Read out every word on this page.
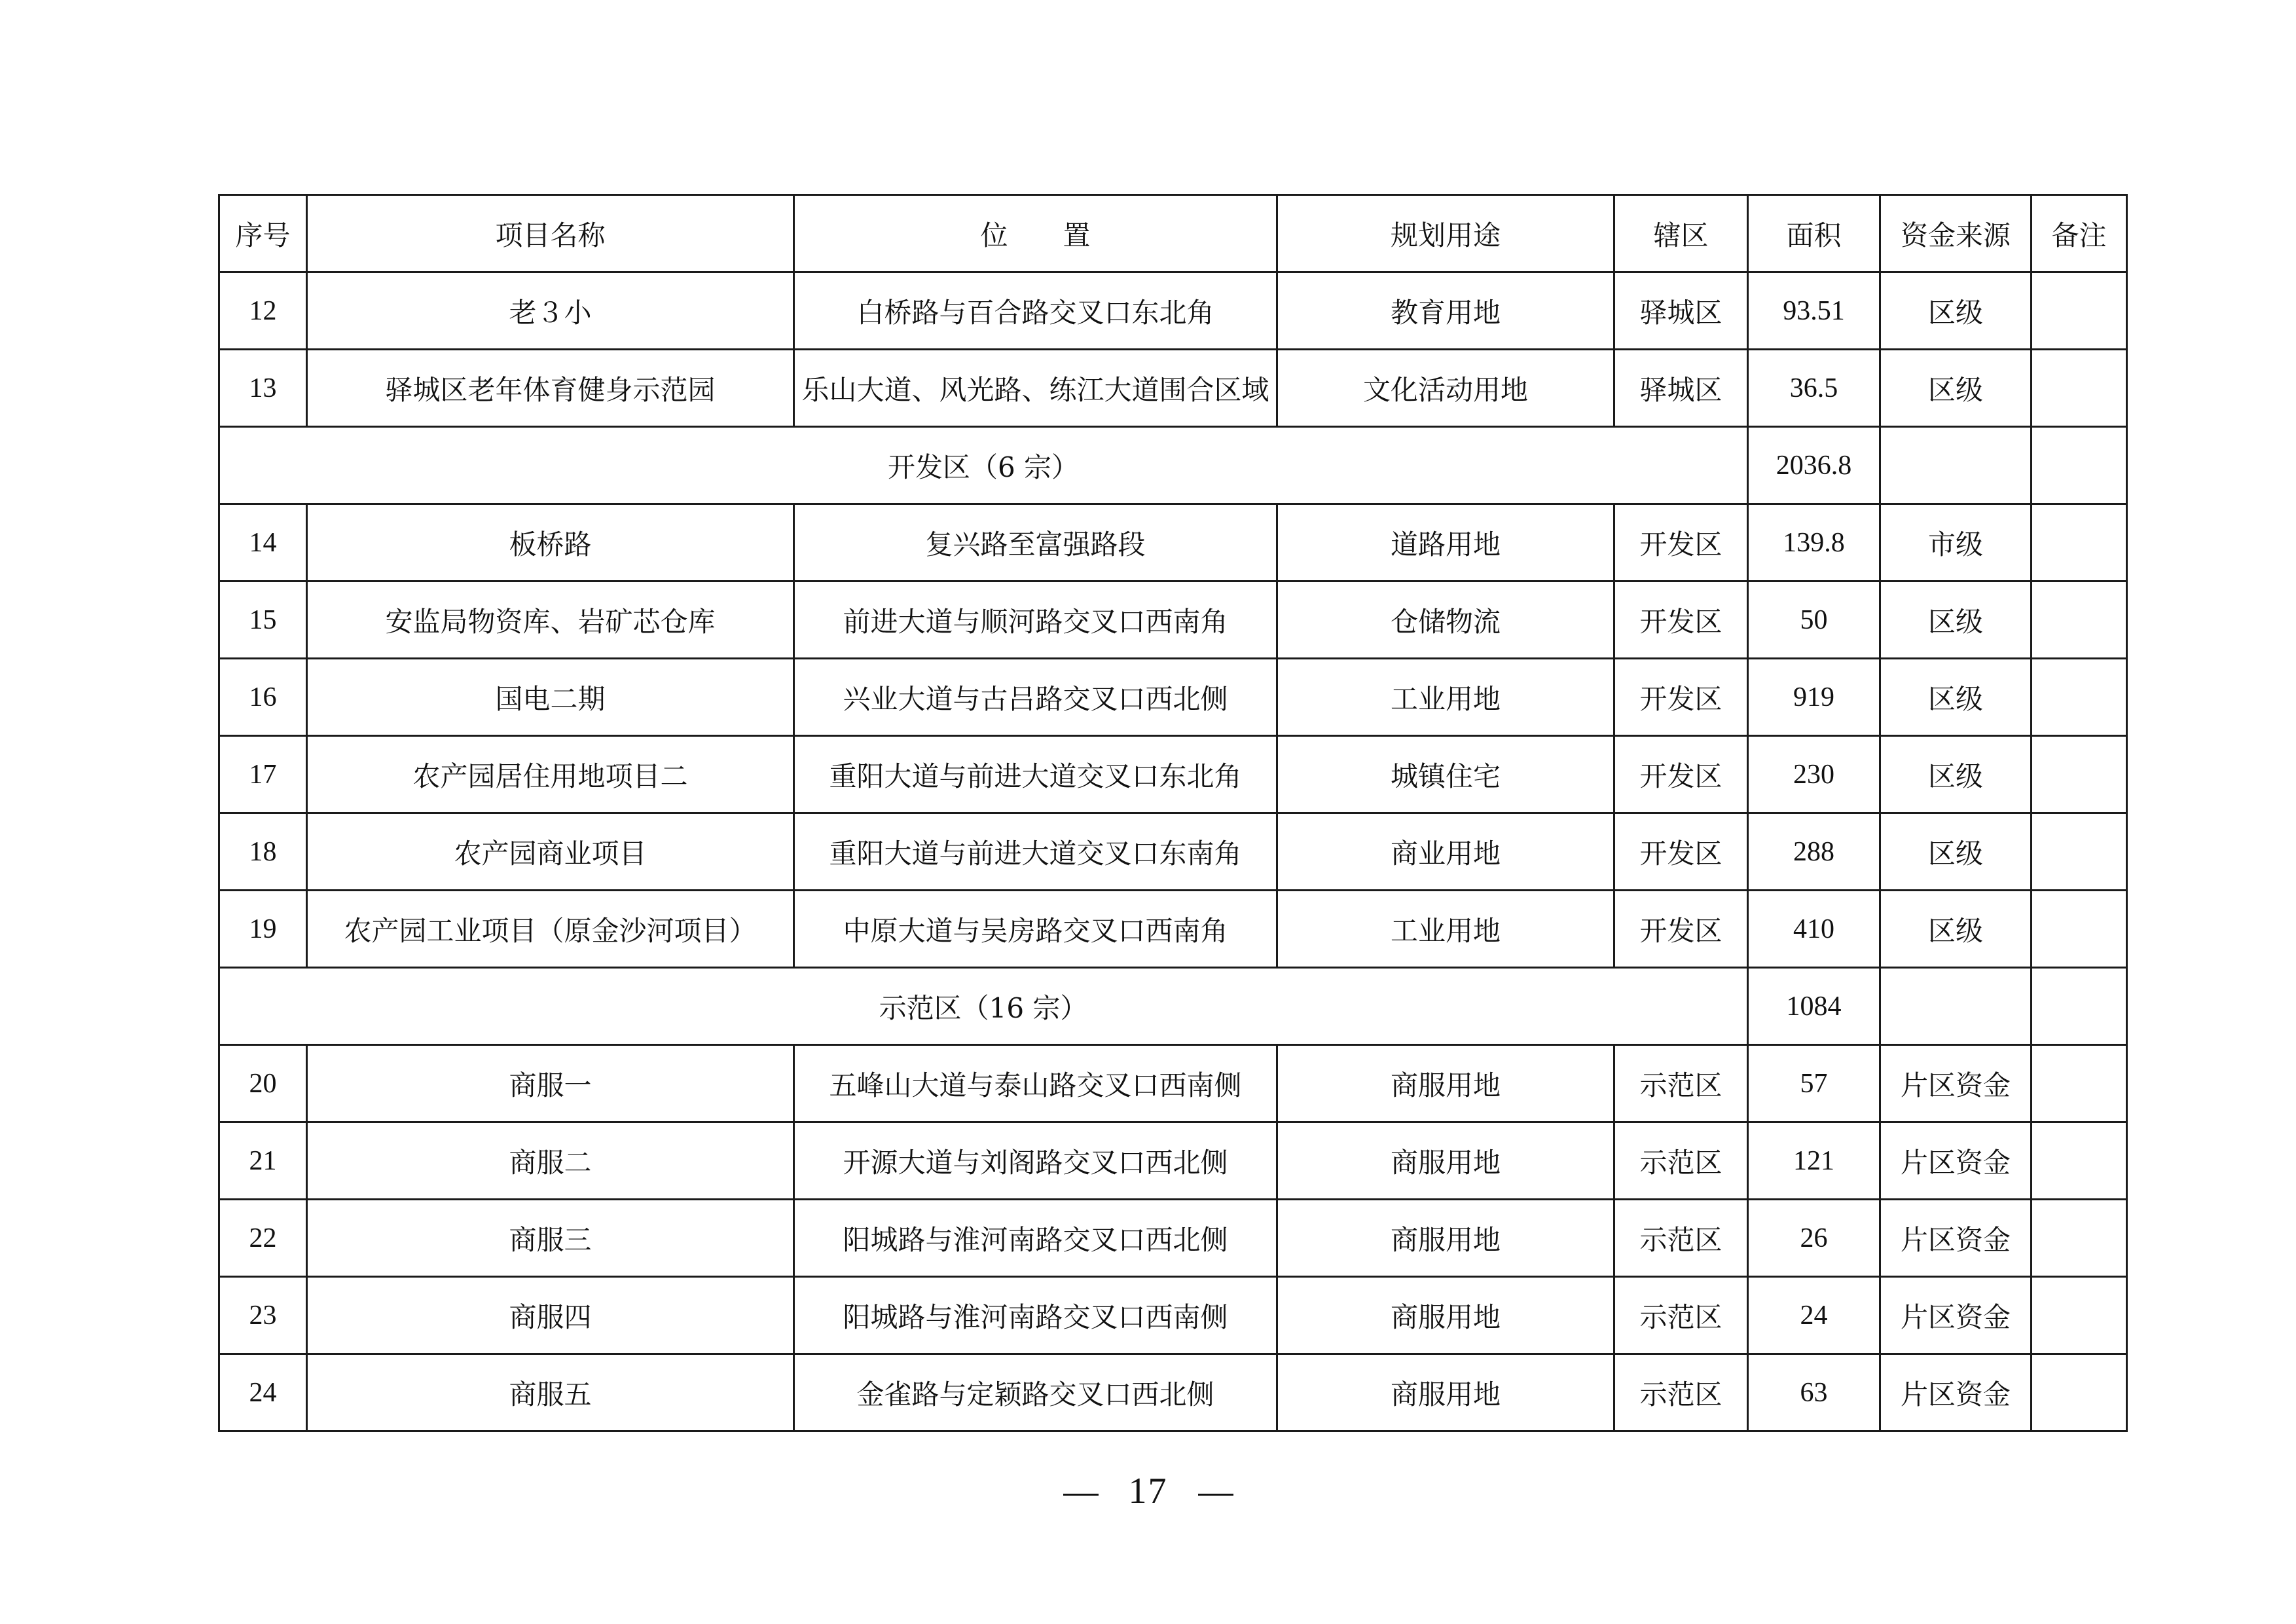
序号	项目名称	位　　置	规划用途	辖区	面积	资金来源	备注
12	老３小	白桥路与百合路交叉口东北角	教育用地	驿城区	93.51	区级	
13	驿城区老年体育健身示范园	乐山大道、风光路、练江大道围合区域	文化活动用地	驿城区	36.5	区级	
开发区（6 宗）					2036.8		
14	板桥路	复兴路至富强路段	道路用地	开发区	139.8	市级	
15	安监局物资库、岩矿芯仓库	前进大道与顺河路交叉口西南角	仓储物流	开发区	50	区级	
16	国电二期	兴业大道与古吕路交叉口西北侧	工业用地	开发区	919	区级	
17	农产园居住用地项目二	重阳大道与前进大道交叉口东北角	城镇住宅	开发区	230	区级	
18	农产园商业项目	重阳大道与前进大道交叉口东南角	商业用地	开发区	288	区级	
19	农产园工业项目（原金沙河项目）	中原大道与吴房路交叉口西南角	工业用地	开发区	410	区级	
示范区（16 宗）					1084		
20	商服一	五峰山大道与泰山路交叉口西南侧	商服用地	示范区	57	片区资金	
21	商服二	开源大道与刘阁路交叉口西北侧	商服用地	示范区	121	片区资金	
22	商服三	阳城路与淮河南路交叉口西北侧	商服用地	示范区	26	片区资金	
23	商服四	阳城路与淮河南路交叉口西南侧	商服用地	示范区	24	片区资金	
24	商服五	金雀路与定颖路交叉口西北侧	商服用地	示范区	63	片区资金	
17
